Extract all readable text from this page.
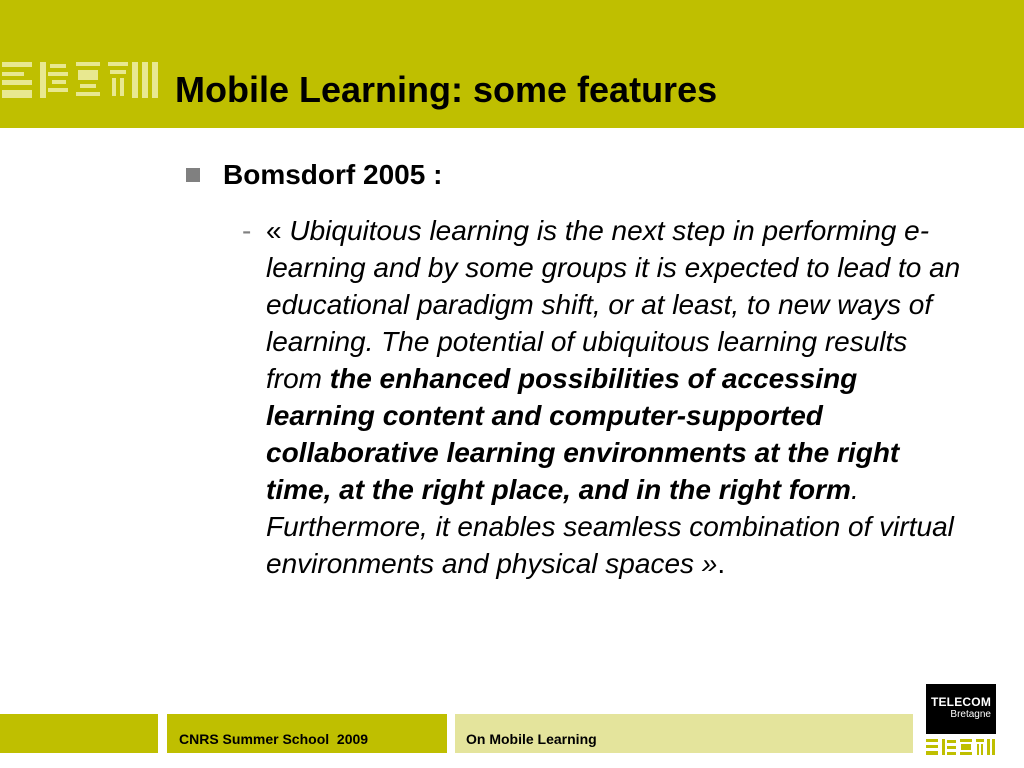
Mobile Learning: some features
Bomsdorf 2005 :
- « Ubiquitous learning is the next step in performing e-learning and by some groups it is expected to lead to an educational paradigm shift, or at least, to new ways of learning. The potential of ubiquitous learning results from the enhanced possibilities of accessing learning content and computer-supported collaborative learning environments at the right time, at the right place, and in the right form. Furthermore, it enables seamless combination of virtual environments and physical spaces ».
CNRS Summer School  2009	On Mobile Learning
TELECOM
Bretagne
